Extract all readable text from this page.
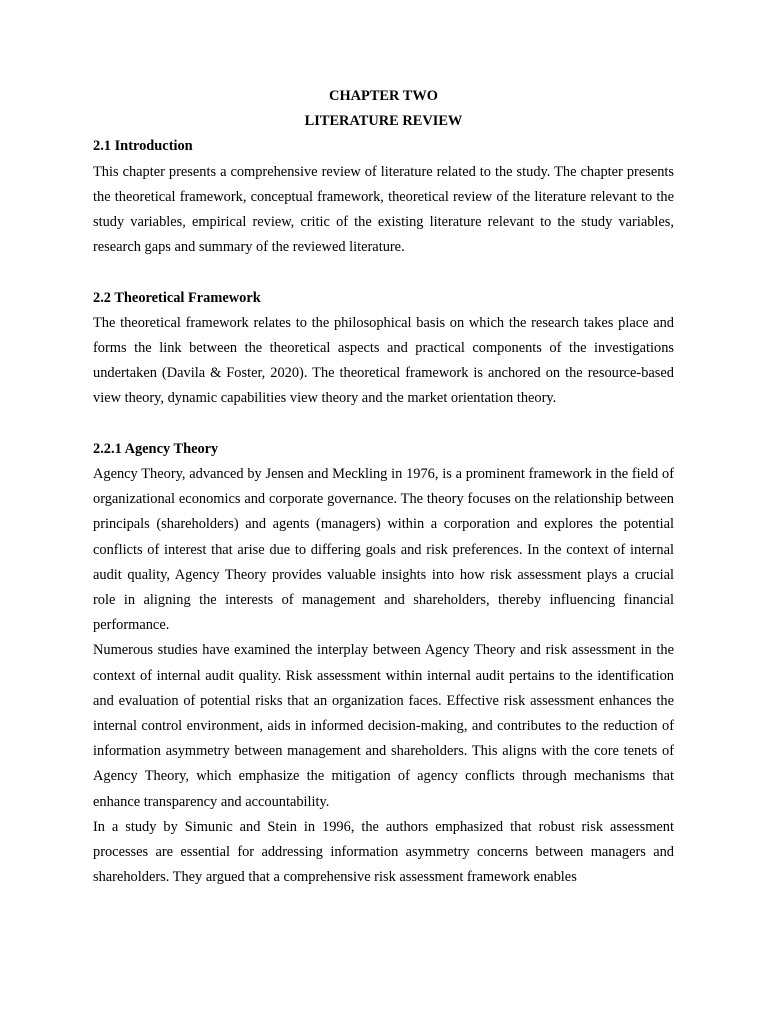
CHAPTER TWO
LITERATURE REVIEW
2.1 Introduction

This chapter presents a comprehensive review of literature related to the study. The chapter presents the theoretical framework, conceptual framework, theoretical review of the literature relevant to the study variables, empirical review, critic of the existing literature relevant to the study variables, research gaps and summary of the reviewed literature.

2.2 Theoretical Framework

The theoretical framework relates to the philosophical basis on which the research takes place and forms the link between the theoretical aspects and practical components of the investigations undertaken (Davila & Foster, 2020). The theoretical framework is anchored on the resource-based view theory, dynamic capabilities view theory and the market orientation theory.

2.2.1 Agency Theory

Agency Theory, advanced by Jensen and Meckling in 1976, is a prominent framework in the field of organizational economics and corporate governance. The theory focuses on the relationship between principals (shareholders) and agents (managers) within a corporation and explores the potential conflicts of interest that arise due to differing goals and risk preferences. In the context of internal audit quality, Agency Theory provides valuable insights into how risk assessment plays a crucial role in aligning the interests of management and shareholders, thereby influencing financial performance.

Numerous studies have examined the interplay between Agency Theory and risk assessment in the context of internal audit quality. Risk assessment within internal audit pertains to the identification and evaluation of potential risks that an organization faces. Effective risk assessment enhances the internal control environment, aids in informed decision-making, and contributes to the reduction of information asymmetry between management and shareholders. This aligns with the core tenets of Agency Theory, which emphasize the mitigation of agency conflicts through mechanisms that enhance transparency and accountability.

In a study by Simunic and Stein in 1996, the authors emphasized that robust risk assessment processes are essential for addressing information asymmetry concerns between managers and shareholders. They argued that a comprehensive risk assessment framework enables
